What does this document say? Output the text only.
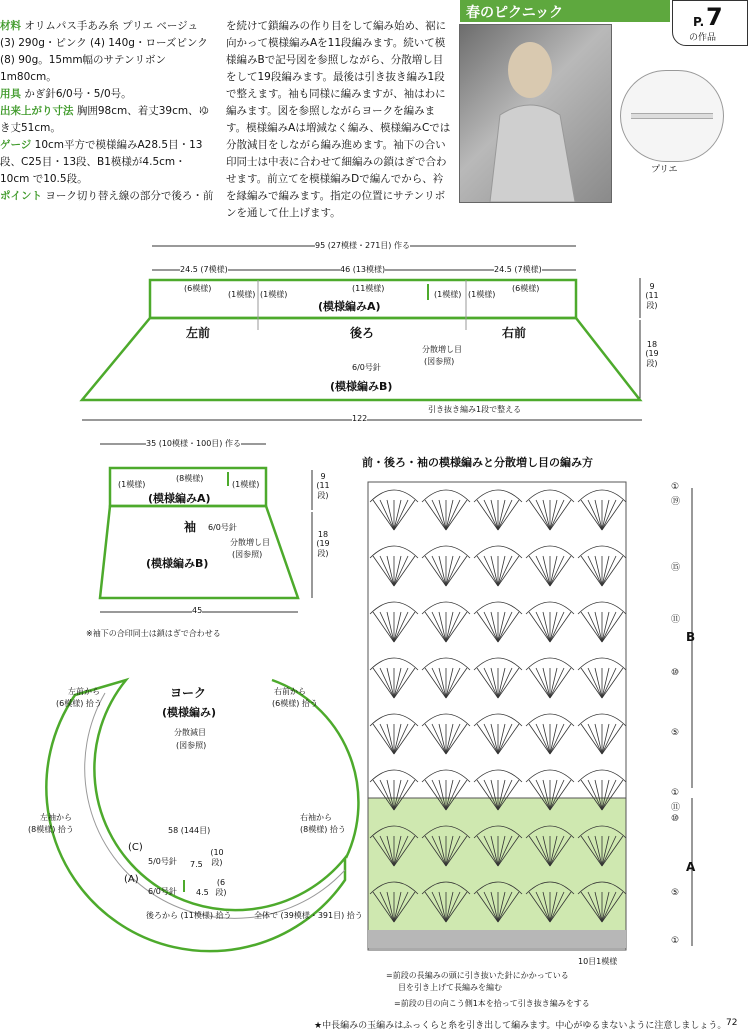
春のピクニック
P. 7
の作品
プリエ
材料 オリムパス手あみ糸 プリエ ベージュ (3) 290g・ピンク (4) 140g・ローズピンク (8) 90g。15mm幅のサテンリボン 1m80cm。
用具 かぎ針6/0号・5/0号。
出来上がり寸法 胸囲98cm、着丈39cm、ゆき丈51cm。
ゲージ 10cm平方で模様編みA28.5目・13段、C25目・13段、B1模様が4.5cm・10cm で10.5段。
ポイント ヨーク切り替え線の部分で後ろ・前
を続けて鎖編みの作り目をして編み始め、裾に向かって模様編みAを11段編みます。続いて模様編みBで記号図を参照しながら、分散増し目をして19段編みます。最後は引き抜き編み1段で整えます。袖も同様に編みますが、袖はわに編みます。図を参照しながらヨークを編みます。模様編みAは増減なく編み、模様編みCでは分散減目をしながら編み進めます。袖下の合い印同士は中表に合わせて細編みの鎖はぎで合わせます。前立てを模様編みDで編んでから、衿を縁編みで編みます。指定の位置にサテンリボンを通して仕上げます。
95 (27模様・271目) 作る
24.5 (7模様)	46 (13模様)	24.5 (7模様)
(6模様)
(1模様) (1模様)
(11模様)
(1模様) (1模様)
(6模様)
(模様編みA)
左前	後ろ	右前
6/0号針
分散増し目
(図参照)
(模様編みB)
122
引き抜き編み1段で整える
9
(11段)
18
(19段)
35 (10模様・100目) 作る
(1模様)
(8模様)
(1模様)
(模様編みA)
袖 6/0号針
分散増し目
(図参照)
(模様編みB)
45
9
(11段)
18
(19段)
※袖下の合印同士は鎖はぎで合わせる
ヨーク
(模様編み)
分散減目
(図参照)
左前から
(6模様) 拾う
右前から
(6模様) 拾う
左袖から
(8模様) 拾う
右袖から
(8模様) 拾う
58 (144目)
(C)
5/0号針
(A)
6/0号針
7.5
(10段)
4.5
(6段)
後ろから (11模様) 拾う	全体で (39模様・391目) 拾う
前・後ろ・袖の模様編みと分散増し目の編み方
①
⑲
⑮
⑪
⑩
⑤
①
⑪
⑩
⑤
①
B
A
10目1模様
=前段の長編みの頭に引き抜いた針にかかっている
目を引き上げて長編みを編む
=前段の目の向こう側1本を拾って引き抜き編みをする
★中長編みの玉編みはふっくらと糸を引き出して編みます。中心がゆるまないように注意しましょう。 72
